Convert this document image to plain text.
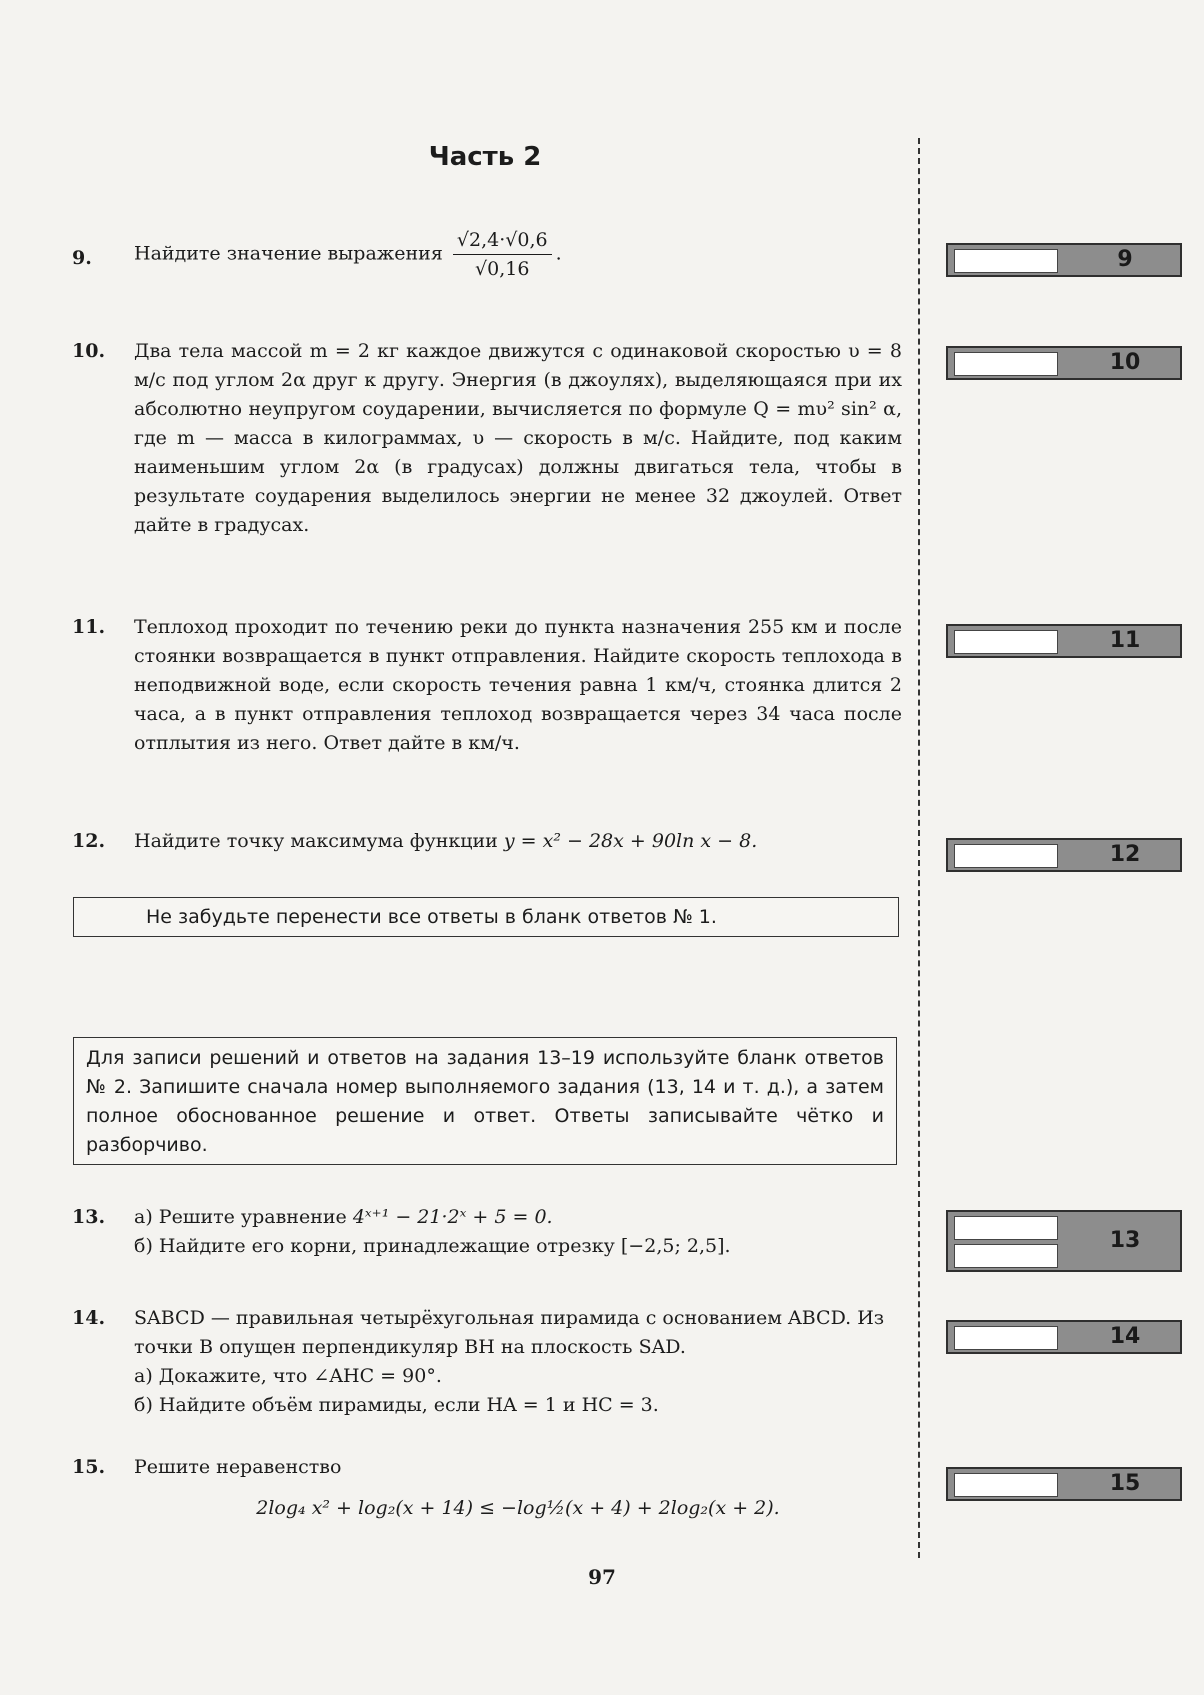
Часть 2
9.	Найдите значение выражения $\frac{√2,4\cdot√0,6}{√0,16}$ .
10.	Два тела массой m = 2 кг каждое движутся с одинаковой скоростью υ = 8 м/с под углом 2α друг к другу. Энергия (в джоулях), выделяющаяся при их абсолютно неупругом соударении, вычисляется по формуле Q = mυ² sin² α, где m — масса в килограммах, υ — скорость в м/с. Найдите, под каким наименьшим углом 2α (в градусах) должны двигаться тела, чтобы в результате соударения выделилось энергии не менее 32 джоулей. Ответ дайте в градусах.
11.	Теплоход проходит по течению реки до пункта назначения 255 км и после стоянки возвращается в пункт отправления. Найдите скорость теплохода в неподвижной воде, если скорость течения равна 1 км/ч, стоянка длится 2 часа, а в пункт отправления теплоход возвращается через 34 часа после отплытия из него. Ответ дайте в км/ч.
12.	Найдите точку максимума функции y = x² − 28x + 90ln x − 8.
Не забудьте перенести все ответы в бланк ответов № 1.
Для записи решений и ответов на задания 13–19 используйте бланк ответов № 2. Запишите сначала номер выполняемого задания (13, 14 и т. д.), а затем полное обоснованное решение и ответ. Ответы записывайте чётко и разборчиво.
13.	а) Решите уравнение 4ˣ⁺¹ − 21·2ˣ + 5 = 0.
б) Найдите его корни, принадлежащие отрезку [−2,5; 2,5].
14.	SABCD — правильная четырёхугольная пирамида с основанием ABCD. Из точки B опущен перпендикуляр BH на плоскость SAD.
а) Докажите, что ∠AHC = 90°.
б) Найдите объём пирамиды, если HA = 1 и HC = 3.
15.	Решите неравенство
2log₄ x² + log₂(x + 14) ≤ −log½(x + 4) + 2log₂(x + 2).
9
10
11
12
13
14
15
97
